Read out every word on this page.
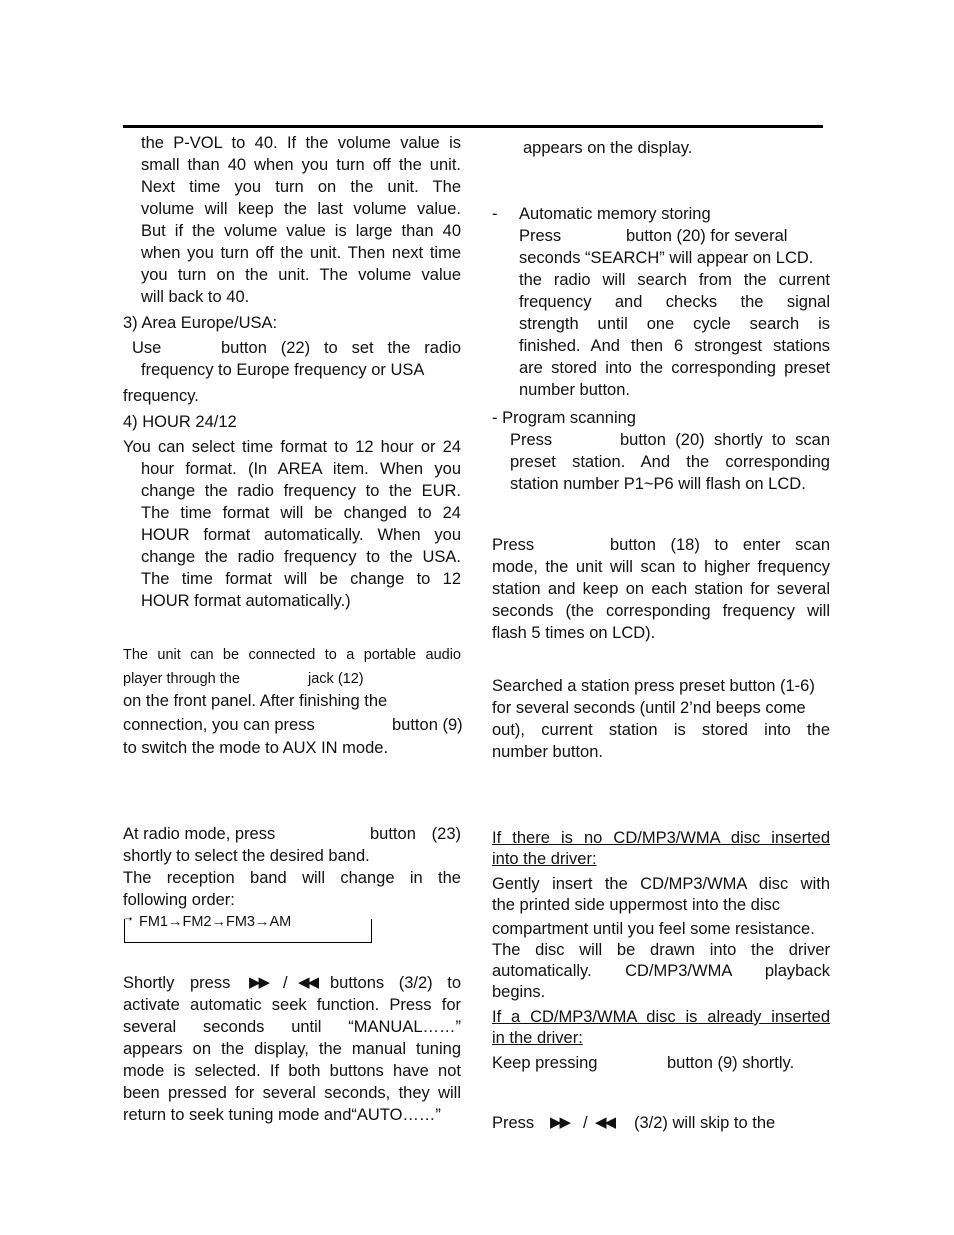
the P-VOL to 40. If the volume value is
small than 40 when you turn off the unit.
Next time you turn on the unit. The
volume will keep the last volume value.
But if the volume value is large than 40
when you turn off the unit. Then next time
you turn on the unit. The volume value
will back to 40.
3) Area Europe/USA:
Use	button (22) to set the radio
frequency to Europe frequency or USA
frequency.
4) HOUR 24/12
You can select time format to 12 hour or 24
hour format. (In AREA item. When you
change the radio frequency to the EUR.
The time format will be changed to 24
HOUR format automatically. When you
change the radio frequency to the USA.
The time format will be change to 12
HOUR format automatically.)
The unit can be connected to a portable audio
player through the	jack (12)
on the front panel. After finishing the
connection, you can press	button (9)
to switch the mode to AUX IN mode.
At radio mode, press	button (23)
shortly to select the desired band.
The reception band will change in the
following order:
➝ FM1→FM2→FM3→AM
Shortly press ▶▶ / ◀◀ buttons (3/2) to
activate automatic seek function. Press for
several seconds until “MANUAL……”
appears on the display, the manual tuning
mode is selected. If both buttons have not
been pressed for several seconds, they will
return to seek tuning mode and“AUTO……”
appears on the display.
- Automatic memory storing
Press	button (20) for several
seconds “SEARCH” will appear on LCD.
the radio will search from the current
frequency and checks the signal
strength until one cycle search is
finished. And then 6 strongest stations
are stored into the corresponding preset
number button.
- Program scanning
Press	button (20) shortly to scan
preset station. And the corresponding
station number P1~P6 will flash on LCD.
Press	button (18) to enter scan
mode, the unit will scan to higher frequency
station and keep on each station for several
seconds (the corresponding frequency will
flash 5 times on LCD).
Searched a station press preset button (1-6)
for several seconds (until 2’nd beeps come
out), current station is stored into the
number button.
If there is no CD/MP3/WMA disc inserted
into the driver:
Gently insert the CD/MP3/WMA disc with
the printed side uppermost into the disc
compartment until you feel some resistance.
The disc will be drawn into the driver
automatically. CD/MP3/WMA playback
begins.
If a CD/MP3/WMA disc is already inserted
in the driver:
Keep pressing	button (9) shortly.
Press ▶▶ / ◀◀ (3/2) will skip to the
